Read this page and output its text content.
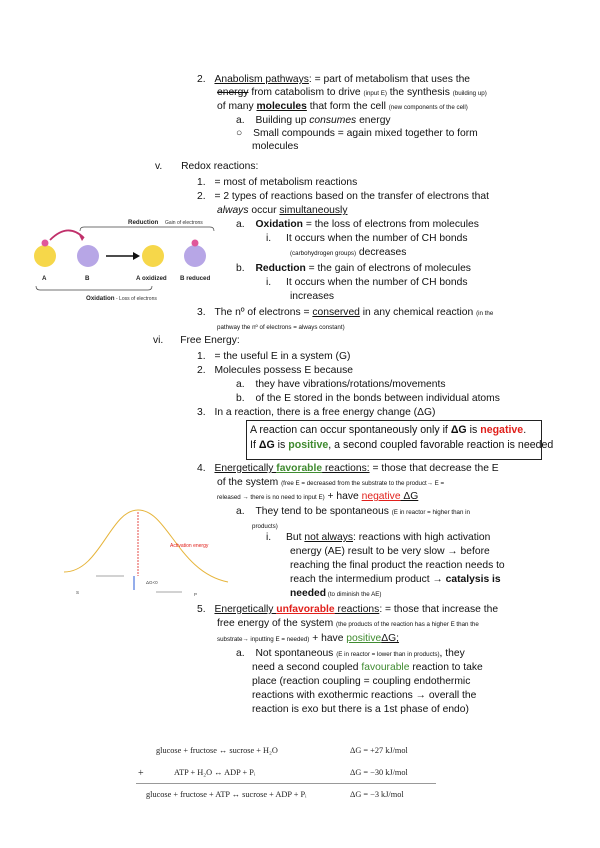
2. Anabolism pathways: = part of metabolism that uses the
energy from catabolism to drive (input E) the synthesis (building up)
of many molecules that form the cell (new components of the cell)
a. Building up consumes energy
○ Small compounds = again mixed together to form
molecules
v. Redox reactions:
1. = most of metabolism reactions
2. = 2 types of reactions based on the transfer of electrons that
always occur simultaneously
a. Oxidation = the loss of electrons from molecules
i. It occurs when the number of CH bonds
(carbohydrogen groups) decreases
b. Reduction = the gain of electrons of molecules
i. It occurs when the number of CH bonds
increases
3. The nº of electrons = conserved in any chemical reaction (in the
pathway the nº of electrons = always constant)
Reduction Gain of electrons
A	B	A oxidized B reduced
Oxidation - Loss of electrons
vi. Free Energy:
1. = the useful E in a system (G)
2. Molecules possess E because
a. they have vibrations/rotations/movements
b. of the E stored in the bonds between individual atoms
3. In a reaction, there is a free energy change (ΔG)
A reaction can occur spontaneously only if ΔG is negative.
If ΔG is positive, a second coupled favorable reaction is needed
4. Energetically favorable reactions: = those that decrease the E
of the system (free E = decreased from the substrate to the product→ E =
released → there is no need to input E) + have negative ΔG
a. They tend to be spontaneous (E in reactor = higher than in
products)
i. But not always: reactions with high activation
energy (AE) result to be very slow → before
reaching the final product the reaction needs to
reach the intermedium product → catalysis is
needed (to diminish the AE)
5. Energetically unfavorable reactions: = those that increase the
free energy of the system (the products of the reaction has a higher E than the
substrate→ inputting E = needed) + have positiveΔG;
a. Not spontaneous (E in reactor = lower than in products), they
need a second coupled favourable reaction to take
place (reaction coupling = coupling endothermic
reactions with exothermic reactions → overall the
reaction is exo but there is a 1st phase of endo)
Activation energy
ΔG<0
S	P
glucose + fructose ↔ sucrose + H₂O	ΔG = +27 kJ/mol
+	ATP + H₂O ↔ ADP + Pᵢ	ΔG = −30 kJ/mol
glucose + fructose + ATP ↔ sucrose + ADP + Pᵢ	ΔG = −3 kJ/mol
